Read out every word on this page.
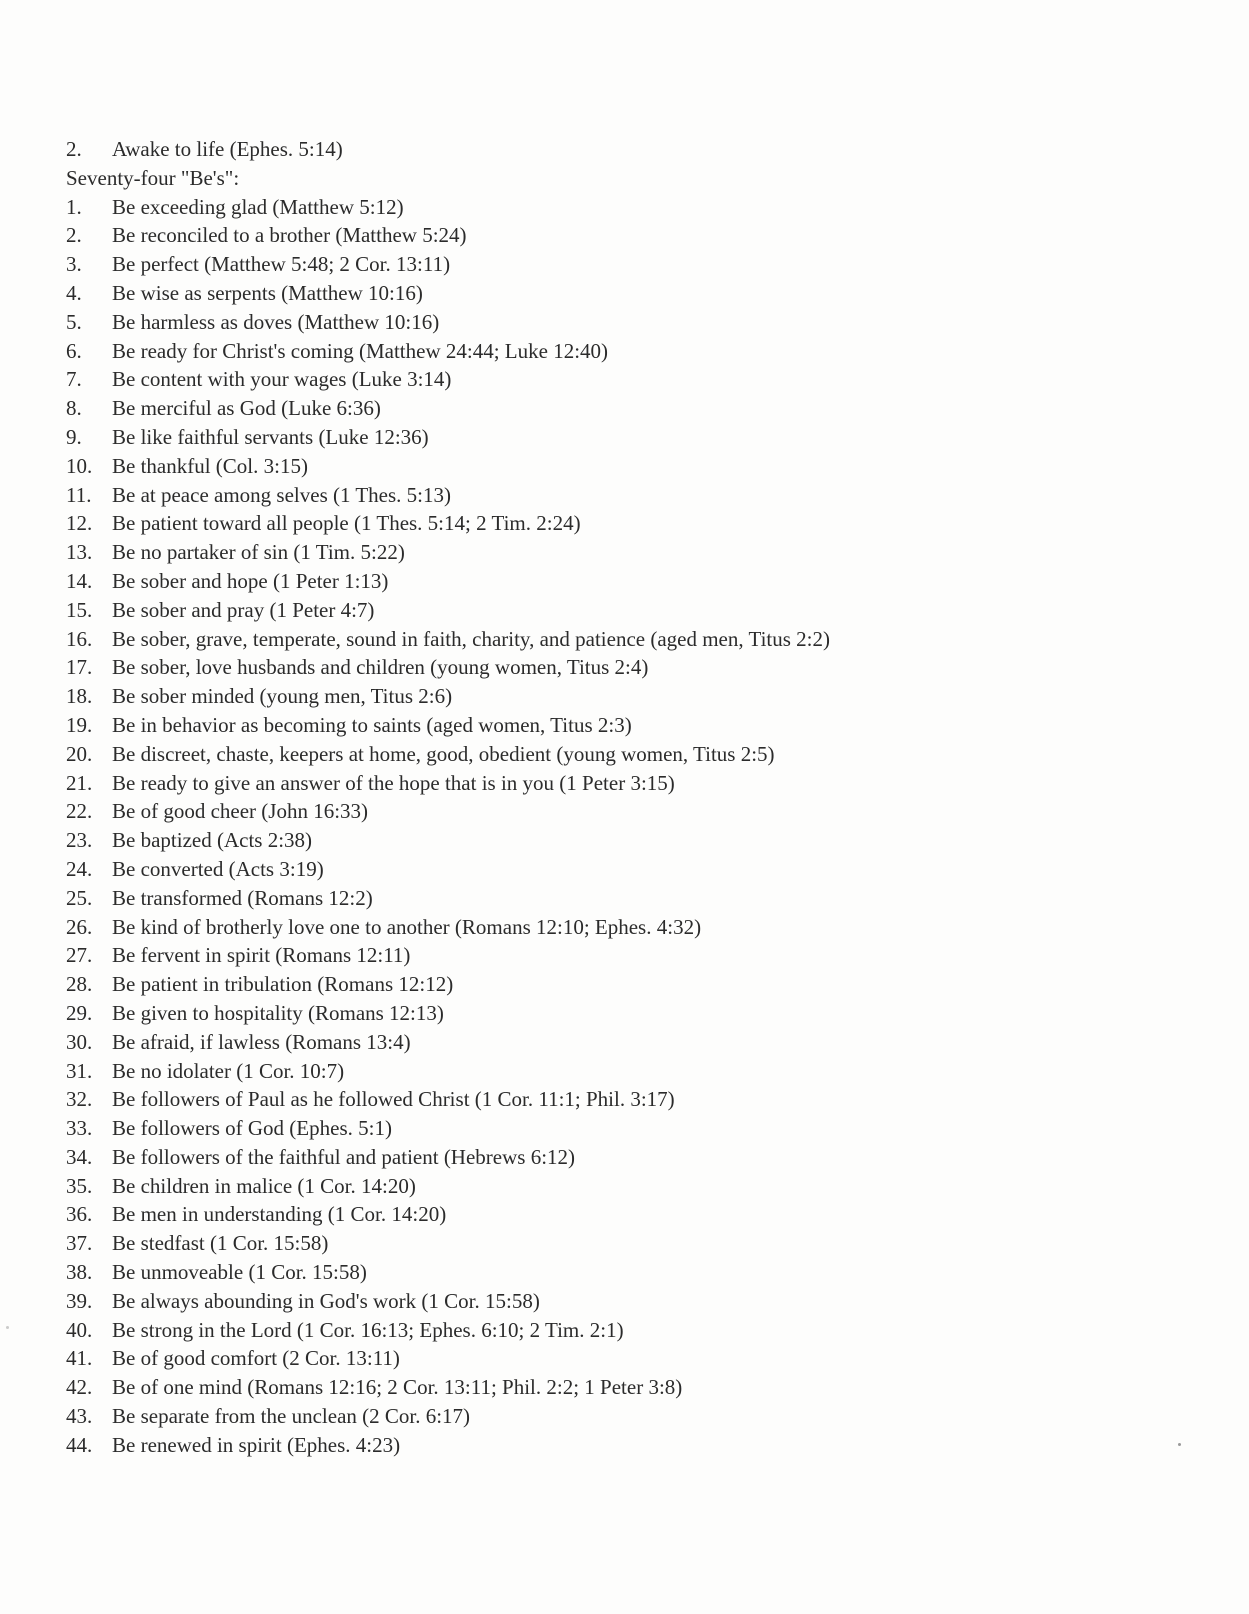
2.	Awake to life (Ephes. 5:14)
Seventy-four "Be's":
1.	Be exceeding glad (Matthew 5:12)
2.	Be reconciled to a brother (Matthew 5:24)
3.	Be perfect (Matthew 5:48; 2 Cor. 13:11)
4.	Be wise as serpents (Matthew 10:16)
5.	Be harmless as doves (Matthew 10:16)
6.	Be ready for Christ's coming (Matthew 24:44; Luke 12:40)
7.	Be content with your wages (Luke 3:14)
8.	Be merciful as God (Luke 6:36)
9.	Be like faithful servants (Luke 12:36)
10. Be thankful (Col. 3:15)
11. Be at peace among selves (1 Thes. 5:13)
12. Be patient toward all people (1 Thes. 5:14; 2 Tim. 2:24)
13. Be no partaker of sin (1 Tim. 5:22)
14. Be sober and hope (1 Peter 1:13)
15. Be sober and pray (1 Peter 4:7)
16. Be sober, grave, temperate, sound in faith, charity, and patience (aged men, Titus 2:2)
17. Be sober, love husbands and children (young women, Titus 2:4)
18. Be sober minded (young men, Titus 2:6)
19. Be in behavior as becoming to saints (aged women, Titus 2:3)
20. Be discreet, chaste, keepers at home, good, obedient (young women, Titus 2:5)
21. Be ready to give an answer of the hope that is in you (1 Peter 3:15)
22. Be of good cheer (John 16:33)
23. Be baptized (Acts 2:38)
24. Be converted (Acts 3:19)
25. Be transformed (Romans 12:2)
26. Be kind of brotherly love one to another (Romans 12:10; Ephes. 4:32)
27. Be fervent in spirit (Romans 12:11)
28. Be patient in tribulation (Romans 12:12)
29. Be given to hospitality (Romans 12:13)
30. Be afraid, if lawless (Romans 13:4)
31. Be no idolater (1 Cor. 10:7)
32. Be followers of Paul as he followed Christ (1 Cor. 11:1; Phil. 3:17)
33. Be followers of God (Ephes. 5:1)
34. Be followers of the faithful and patient (Hebrews 6:12)
35. Be children in malice (1 Cor. 14:20)
36. Be men in understanding (1 Cor. 14:20)
37. Be stedfast (1 Cor. 15:58)
38. Be unmoveable (1 Cor. 15:58)
39. Be always abounding in God's work (1 Cor. 15:58)
40. Be strong in the Lord (1 Cor. 16:13; Ephes. 6:10; 2 Tim. 2:1)
41. Be of good comfort (2 Cor. 13:11)
42. Be of one mind (Romans 12:16; 2 Cor. 13:11; Phil. 2:2; 1 Peter 3:8)
43. Be separate from the unclean (2 Cor. 6:17)
44. Be renewed in spirit (Ephes. 4:23)
